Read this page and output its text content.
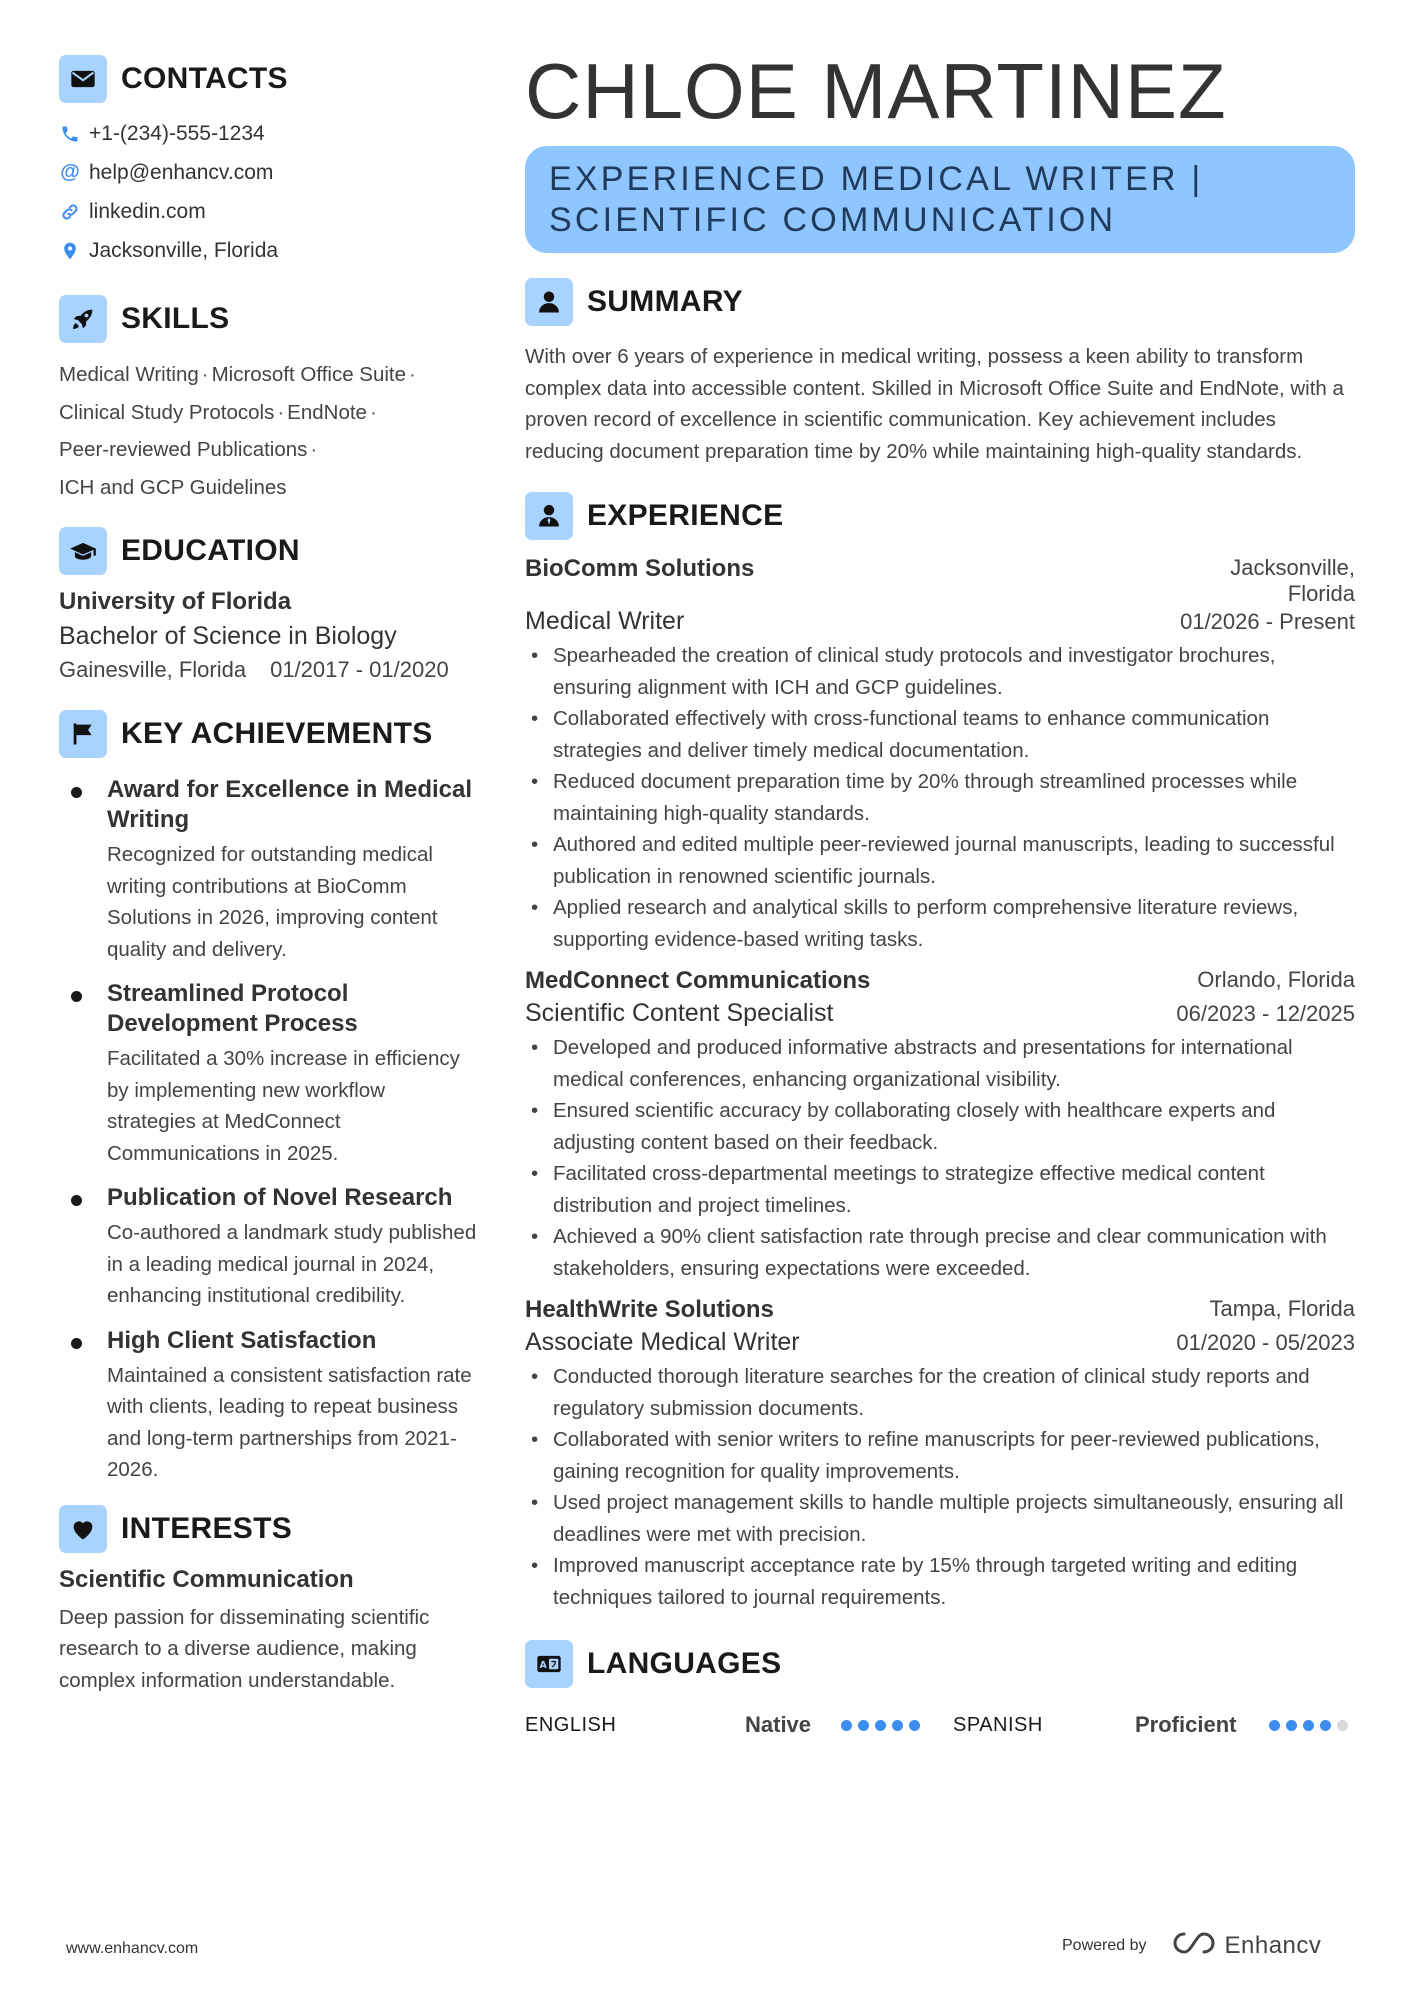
CONTACTS
+1-(234)-555-1234
@ help@enhancv.com
linkedin.com
Jacksonville, Florida
SKILLS
Medical Writing · Microsoft Office Suite ·
Clinical Study Protocols · EndNote ·
Peer-reviewed Publications ·
ICH and GCP Guidelines
EDUCATION
University of Florida
Bachelor of Science in Biology
Gainesville, Florida 01/2017 - 01/2020
KEY ACHIEVEMENTS
Award for Excellence in Medical Writing
Recognized for outstanding medical writing contributions at BioComm Solutions in 2026, improving content quality and delivery.
Streamlined Protocol Development Process
Facilitated a 30% increase in efficiency by implementing new workflow strategies at MedConnect Communications in 2025.
Publication of Novel Research
Co-authored a landmark study published in a leading medical journal in 2024, enhancing institutional credibility.
High Client Satisfaction
Maintained a consistent satisfaction rate with clients, leading to repeat business and long-term partnerships from 2021-2026.
INTERESTS
Scientific Communication
Deep passion for disseminating scientific research to a diverse audience, making complex information understandable.
CHLOE MARTINEZ
EXPERIENCED MEDICAL WRITER |
SCIENTIFIC COMMUNICATION
SUMMARY
With over 6 years of experience in medical writing, possess a keen ability to transform complex data into accessible content. Skilled in Microsoft Office Suite and EndNote, with a proven record of excellence in scientific communication. Key achievement includes reducing document preparation time by 20% while maintaining high-quality standards.
EXPERIENCE
BioComm Solutions	Jacksonville,
Florida
Medical Writer	01/2026 - Present
• Spearheaded the creation of clinical study protocols and investigator brochures, ensuring alignment with ICH and GCP guidelines.
• Collaborated effectively with cross-functional teams to enhance communication strategies and deliver timely medical documentation.
• Reduced document preparation time by 20% through streamlined processes while maintaining high-quality standards.
• Authored and edited multiple peer-reviewed journal manuscripts, leading to successful publication in renowned scientific journals.
• Applied research and analytical skills to perform comprehensive literature reviews, supporting evidence-based writing tasks.
MedConnect Communications	Orlando, Florida
Scientific Content Specialist	06/2023 - 12/2025
• Developed and produced informative abstracts and presentations for international medical conferences, enhancing organizational visibility.
• Ensured scientific accuracy by collaborating closely with healthcare experts and adjusting content based on their feedback.
• Facilitated cross-departmental meetings to strategize effective medical content distribution and project timelines.
• Achieved a 90% client satisfaction rate through precise and clear communication with stakeholders, ensuring expectations were exceeded.
HealthWrite Solutions	Tampa, Florida
Associate Medical Writer	01/2020 - 05/2023
• Conducted thorough literature searches for the creation of clinical study reports and regulatory submission documents.
• Collaborated with senior writers to refine manuscripts for peer-reviewed publications, gaining recognition for quality improvements.
• Used project management skills to handle multiple projects simultaneously, ensuring all deadlines were met with precision.
• Improved manuscript acceptance rate by 15% through targeted writing and editing techniques tailored to journal requirements.
A LANGUAGES
ENGLISH	Native	SPANISH	Proficient
www.enhancv.com	Powered by	Enhancv
